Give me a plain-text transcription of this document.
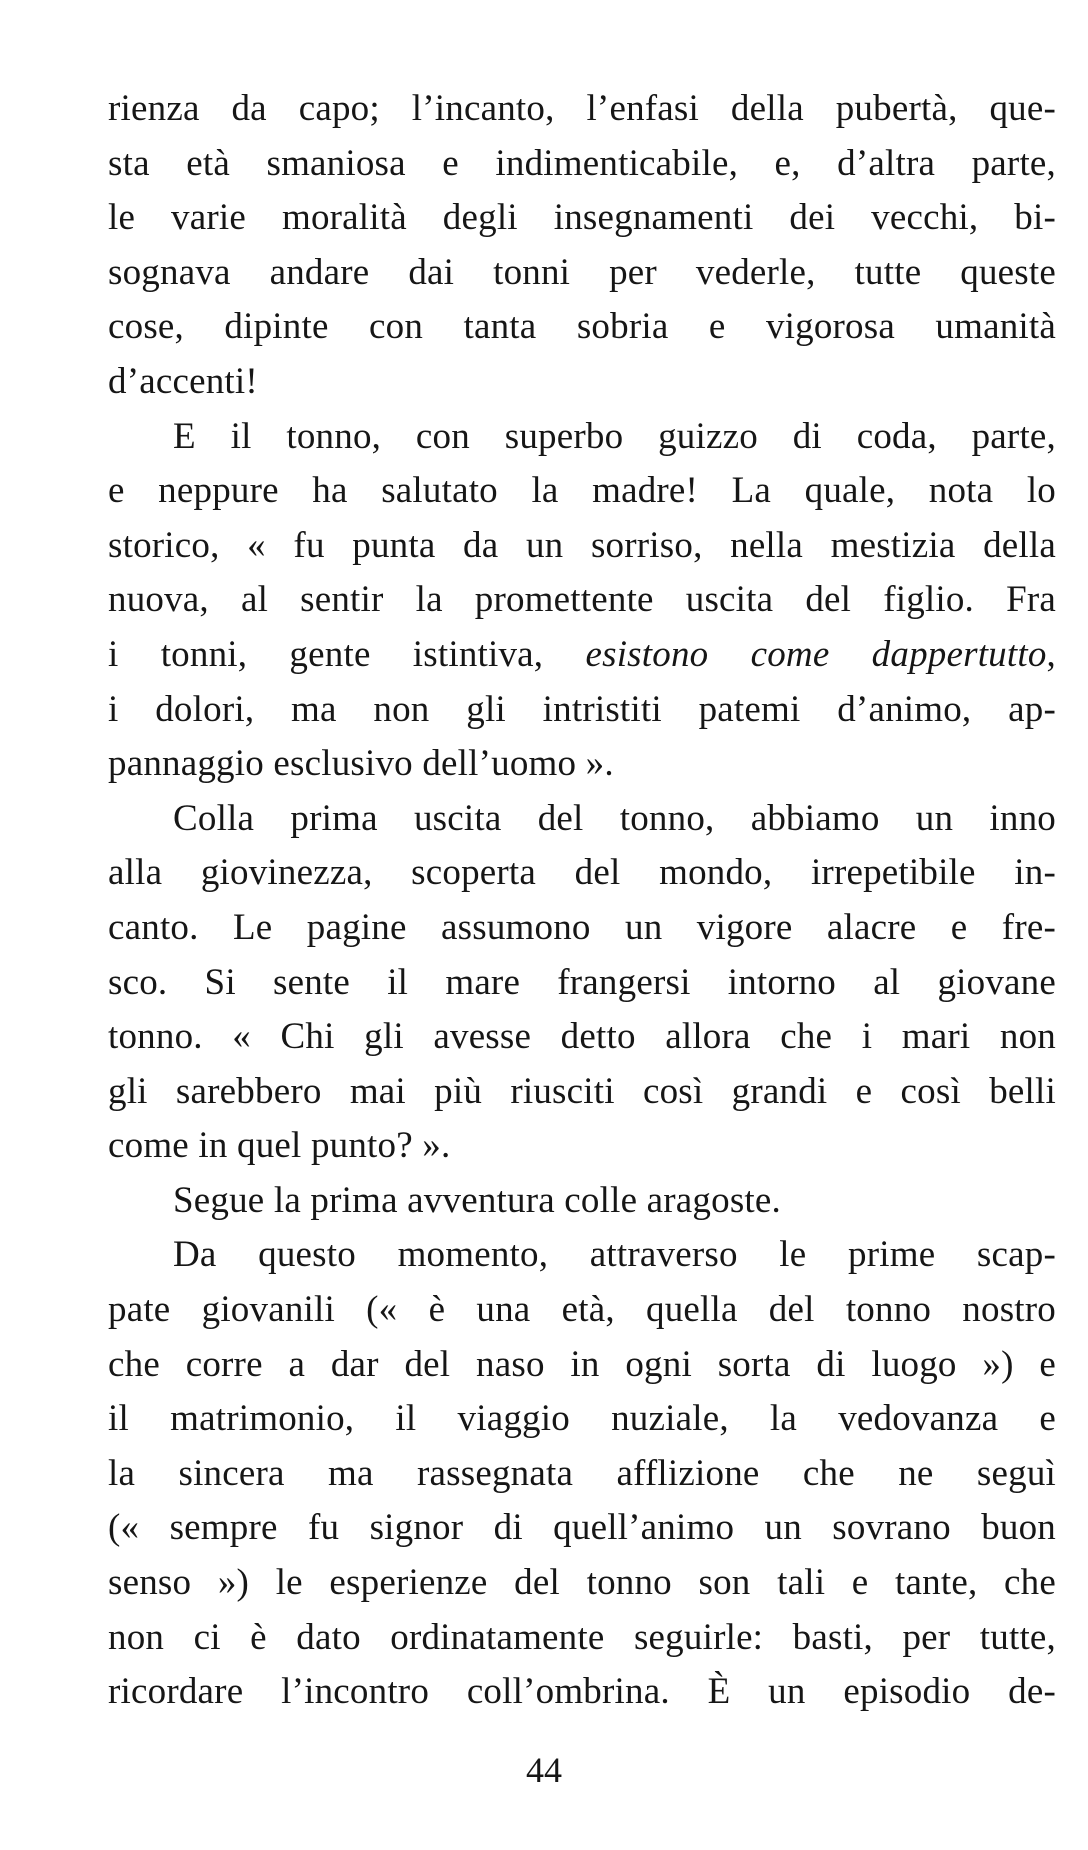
rienza da capo; l’incanto, l’enfasi della pubertà, que-
sta età smaniosa e indimenticabile, e, d’altra parte,
le varie moralità degli insegnamenti dei vecchi, bi-
sognava andare dai tonni per vederle, tutte queste
cose, dipinte con tanta sobria e vigorosa umanità
d’accenti!
E il tonno, con superbo guizzo di coda, parte,
e neppure ha salutato la madre! La quale, nota lo
storico, « fu punta da un sorriso, nella mestizia della
nuova, al sentir la promettente uscita del figlio. Fra
i tonni, gente istintiva, esistono come dappertutto,
i dolori, ma non gli intristiti patemi d’animo, ap-
pannaggio esclusivo dell’uomo ».
Colla prima uscita del tonno, abbiamo un inno
alla giovinezza, scoperta del mondo, irrepetibile in-
canto. Le pagine assumono un vigore alacre e fre-
sco. Si sente il mare frangersi intorno al giovane
tonno. « Chi gli avesse detto allora che i mari non
gli sarebbero mai più riusciti così grandi e così belli
come in quel punto? ».
Segue la prima avventura colle aragoste.
Da questo momento, attraverso le prime scap-
pate giovanili (« è una età, quella del tonno nostro
che corre a dar del naso in ogni sorta di luogo ») e
il matrimonio, il viaggio nuziale, la vedovanza e
la sincera ma rassegnata afflizione che ne seguì
(« sempre fu signor di quell’animo un sovrano buon
senso ») le esperienze del tonno son tali e tante, che
non ci è dato ordinatamente seguirle: basti, per tutte,
ricordare l’incontro coll’ombrina. È un episodio de-
44
